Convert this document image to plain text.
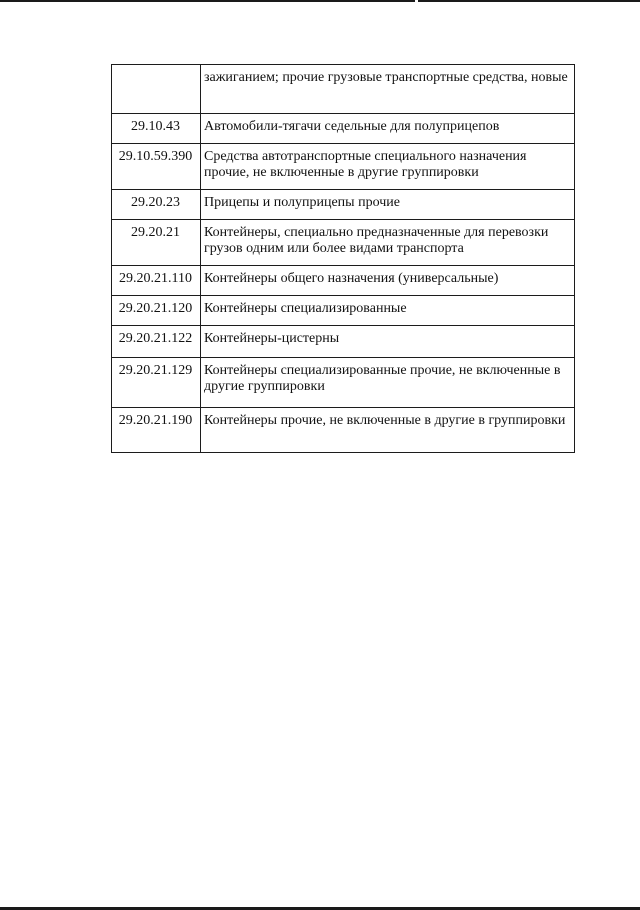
	зажиганием; прочие грузовые транспортные средства, новые
29.10.43	Автомобили-тягачи седельные для полуприцепов
29.10.59.390	Средства автотранспортные специального назначения прочие, не включенные в другие группировки
29.20.23	Прицепы и полуприцепы прочие
29.20.21	Контейнеры, специально предназначенные для перевозки грузов одним или более видами транспорта
29.20.21.110	Контейнеры общего назначения (универсальные)
29.20.21.120	Контейнеры специализированные
29.20.21.122	Контейнеры-цистерны
29.20.21.129	Контейнеры специализированные прочие, не включенные в другие группировки
29.20.21.190	Контейнеры прочие, не включенные в другие в группировки
